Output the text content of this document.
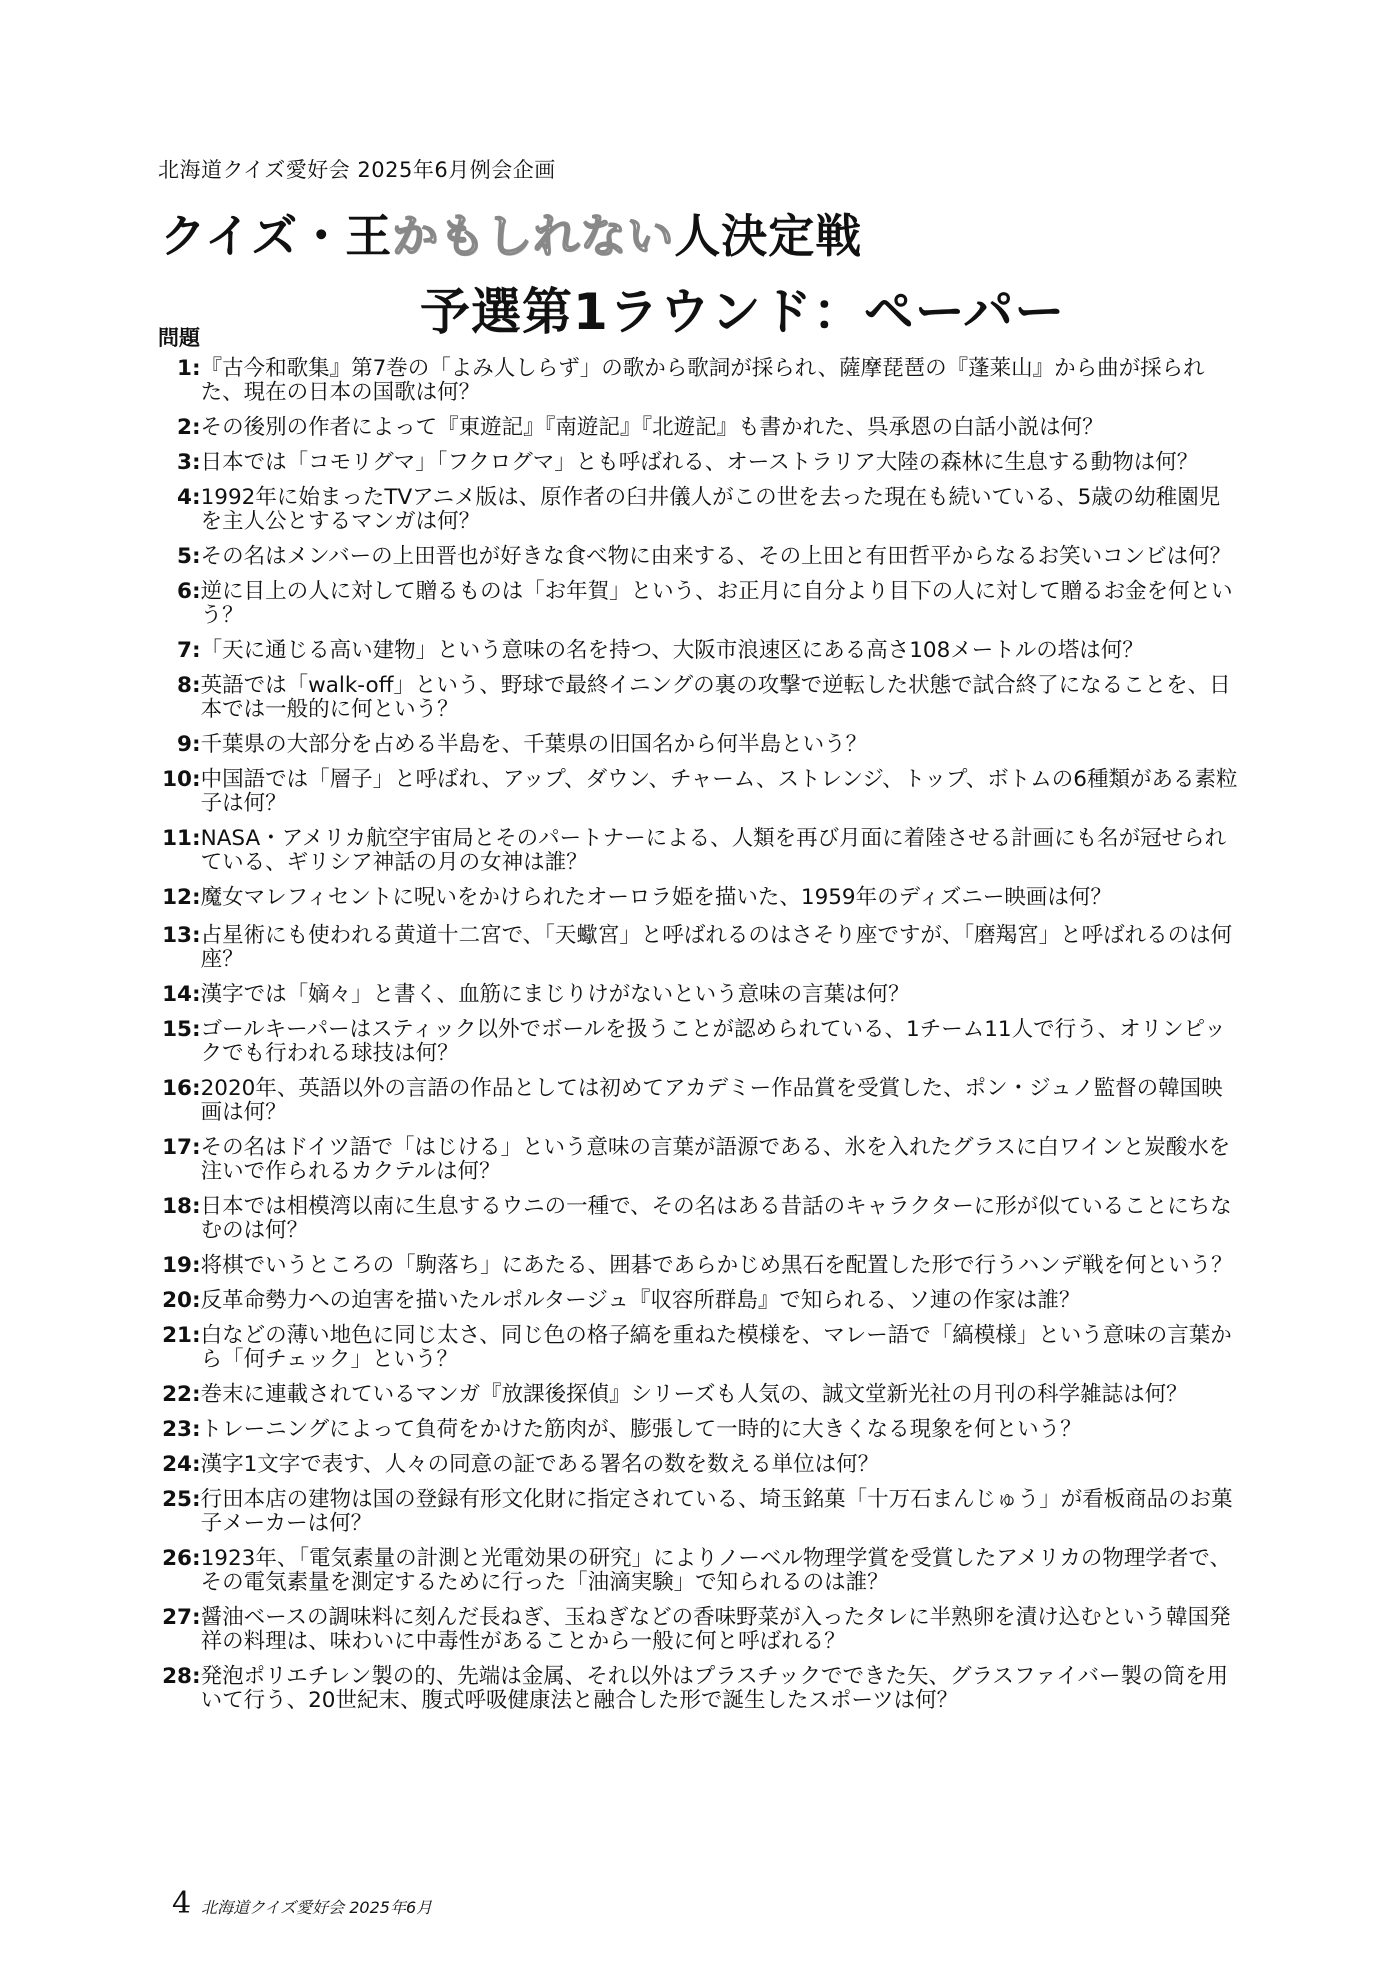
北海道クイズ愛好会 2025年6月例会企画
クイズ・王かもしれない人決定戦
予選第1ラウンド：ペーパー
問題
1 : 『古今和歌集』第7巻の「よみ人しらず」の歌から歌詞が採られ、薩摩琵琶の『蓬莱山』から曲が採られた、現在の日本の国歌は何？
2 : その後別の作者によって『東遊記』『南遊記』『北遊記』も書かれた、呉承恩の白話小説は何？
3 : 日本では「コモリグマ」「フクログマ」とも呼ばれる、オーストラリア大陸の森林に生息する動物は何？
4 : 1992年に始まったTVアニメ版は、原作者の臼井儀人がこの世を去った現在も続いている、5歳の幼稚園児を主人公とするマンガは何？
5 : その名はメンバーの上田晋也が好きな食べ物に由来する、その上田と有田哲平からなるお笑いコンビは何？
6 : 逆に目上の人に対して贈るものは「お年賀」という、お正月に自分より目下の人に対して贈るお金を何という？
7 : 「天に通じる高い建物」という意味の名を持つ、大阪市浪速区にある高さ108メートルの塔は何？
8 : 英語では「walk-off」という、野球で最終イニングの裏の攻撃で逆転した状態で試合終了になることを、日本では一般的に何という？
9 : 千葉県の大部分を占める半島を、千葉県の旧国名から何半島という？
10 : 中国語では「層子」と呼ばれ、アップ、ダウン、チャーム、ストレンジ、トップ、ボトムの6種類がある素粒子は何？
11 : NASA・アメリカ航空宇宙局とそのパートナーによる、人類を再び月面に着陸させる計画にも名が冠せられている、ギリシア神話の月の女神は誰？
12 : 魔女マレフィセントに呪いをかけられたオーロラ姫を描いた、1959年のディズニー映画は何？
13 : 占星術にも使われる黄道十二宮で、「天蠍宮」と呼ばれるのはさそり座ですが、「磨羯宮」と呼ばれるのは何座？
14 : 漢字では「嫡々」と書く、血筋にまじりけがないという意味の言葉は何？
15 : ゴールキーパーはスティック以外でボールを扱うことが認められている、1チーム11人で行う、オリンピックでも行われる球技は何？
16 : 2020年、英語以外の言語の作品としては初めてアカデミー作品賞を受賞した、ポン・ジュノ監督の韓国映画は何？
17 : その名はドイツ語で「はじける」という意味の言葉が語源である、氷を入れたグラスに白ワインと炭酸水を注いで作られるカクテルは何？
18 : 日本では相模湾以南に生息するウニの一種で、その名はある昔話のキャラクターに形が似ていることにちなむのは何？
19 : 将棋でいうところの「駒落ち」にあたる、囲碁であらかじめ黒石を配置した形で行うハンデ戦を何という？
20 : 反革命勢力への迫害を描いたルポルタージュ『収容所群島』で知られる、ソ連の作家は誰？
21 : 白などの薄い地色に同じ太さ、同じ色の格子縞を重ねた模様を、マレー語で「縞模様」という意味の言葉から「何チェック」という？
22 : 巻末に連載されているマンガ『放課後探偵』シリーズも人気の、誠文堂新光社の月刊の科学雑誌は何？
23 : トレーニングによって負荷をかけた筋肉が、膨張して一時的に大きくなる現象を何という？
24 : 漢字1文字で表す、人々の同意の証である署名の数を数える単位は何？
25 : 行田本店の建物は国の登録有形文化財に指定されている、埼玉銘菓「十万石まんじゅう」が看板商品のお菓子メーカーは何？
26 : 1923年、「電気素量の計測と光電効果の研究」によりノーベル物理学賞を受賞したアメリカの物理学者で、その電気素量を測定するために行った「油滴実験」で知られるのは誰？
27 : 醤油ベースの調味料に刻んだ長ねぎ、玉ねぎなどの香味野菜が入ったタレに半熟卵を漬け込むという韓国発祥の料理は、味わいに中毒性があることから一般に何と呼ばれる？
28 : 発泡ポリエチレン製の的、先端は金属、それ以外はプラスチックでできた矢、グラスファイバー製の筒を用いて行う、20世紀末、腹式呼吸健康法と融合した形で誕生したスポーツは何？
4 北海道クイズ愛好会 2025年6月
